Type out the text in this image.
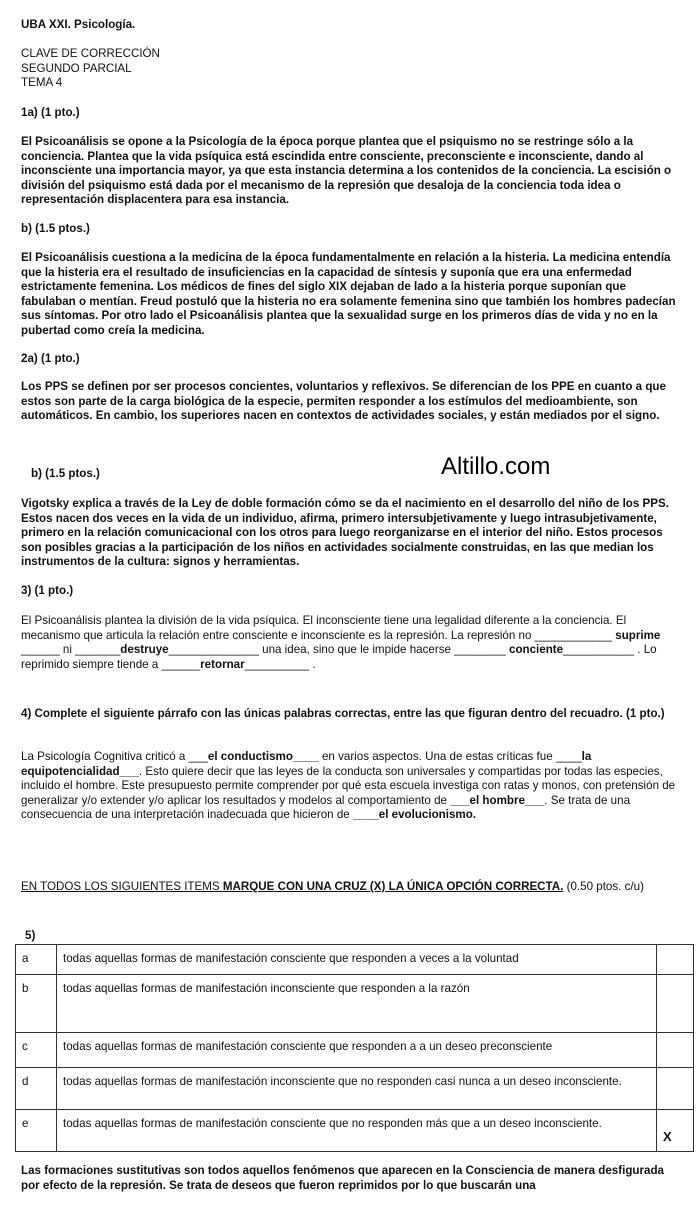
UBA XXI. Psicología.

CLAVE DE CORRECCIÓN
SEGUNDO PARCIAL
TEMA 4

1a) (1 pto.)

El Psicoanálisis se opone a la Psicología de la época porque plantea que el psiquismo no se restringe sólo a la conciencia. Plantea que la vida psíquica está escindida entre consciente, preconsciente e inconsciente, dando al inconsciente una importancia mayor, ya que esta instancia determina a los contenidos de la conciencia. La escisión o división del psiquismo está dada por el mecanismo de la represión que desaloja de la conciencia toda idea o representación displacentera para esa instancia.

b) (1.5 ptos.)

El Psicoanálisis cuestiona a la medicina de la época fundamentalmente en relación a la histeria. La medicina entendía que la histeria era el resultado de insuficiencias en la capacidad de síntesis y suponía que era una enfermedad estrictamente femenina. Los médicos de fines del siglo XIX dejaban de lado a la histeria porque suponían que fabulaban o mentían. Freud postuló que la histeria no era solamente femenina sino que también los hombres padecían sus síntomas. Por otro lado el Psicoanálisis plantea que la sexualidad surge en los primeros días de vida y no en la pubertad como creía la medicina.

2a) (1 pto.)

Los PPS se definen por ser procesos concientes, voluntarios y reflexivos. Se diferencian de los PPE en cuanto a que estos son parte de la carga biológica de la especie, permiten responder a los estímulos del medioambiente, son automáticos. En cambio, los superiores nacen en contextos de actividades sociales, y están mediados por el signo.

b) (1.5 ptos.)	Altillo.com

Vigotsky explica a través de la Ley de doble formación cómo se da el nacimiento en el desarrollo del niño de los PPS. Estos nacen dos veces en la vida de un individuo, afirma, primero intersubjetivamente y luego intrasubjetivamente, primero en la relación comunicacional con los otros para luego reorganizarse en el interior del niño. Estos procesos son posibles gracias a la participación de los niños en actividades socialmente construidas, en las que median los instrumentos de la cultura: signos y herramientas.

3) (1 pto.)

El Psicoanálisis plantea la división de la vida psíquica. El inconsciente tiene una legalidad diferente a la conciencia. El mecanismo que articula la relación entre consciente e inconsciente es la represión. La represión no ____________ suprime ______ ni _______destruye______________ una idea, sino que le impide hacerse ________ conciente___________ . Lo reprimido siempre tiende a ______retornar__________ .

4) Complete el siguiente párrafo con las únicas palabras correctas, entre las que figuran dentro del recuadro. (1 pto.)

La Psicología Cognitiva criticó a ___el conductismo____ en varios aspectos. Una de estas críticas fue ____la equipotencialidad___. Esto quiere decir que las leyes de la conducta son universales y compartidas por todas las especies, incluido el hombre. Este presupuesto permite comprender por qué esta escuela investiga con ratas y monos, con pretensión de generalizar y/o extender y/o aplicar los resultados y modelos al comportamiento de ___el hombre___. Se trata de una consecuencia de una interpretación inadecuada que hicieron de ____el evolucionismo.

EN TODOS LOS SIGUIENTES ITEMS MARQUE CON UNA CRUZ (X) LA ÚNICA OPCIÓN CORRECTA. (0.50 ptos. c/u)

5)

a	todas aquellas formas de manifestación consciente que responden a veces a la voluntad	
b	todas aquellas formas de manifestación inconsciente que responden a la razón	
c	todas aquellas formas de manifestación consciente que responden a a un deseo preconsciente	
d	todas aquellas formas de manifestación inconsciente que no responden casi nunca a un deseo inconsciente.	
e	todas aquellas formas de manifestación consciente que no responden más que a un deseo inconsciente.	X

Las formaciones sustitutivas son todos aquellos fenómenos que aparecen en la Consciencia de manera desfigurada por efecto de la represión. Se trata de deseos que fueron reprimidos por lo que buscarán una
